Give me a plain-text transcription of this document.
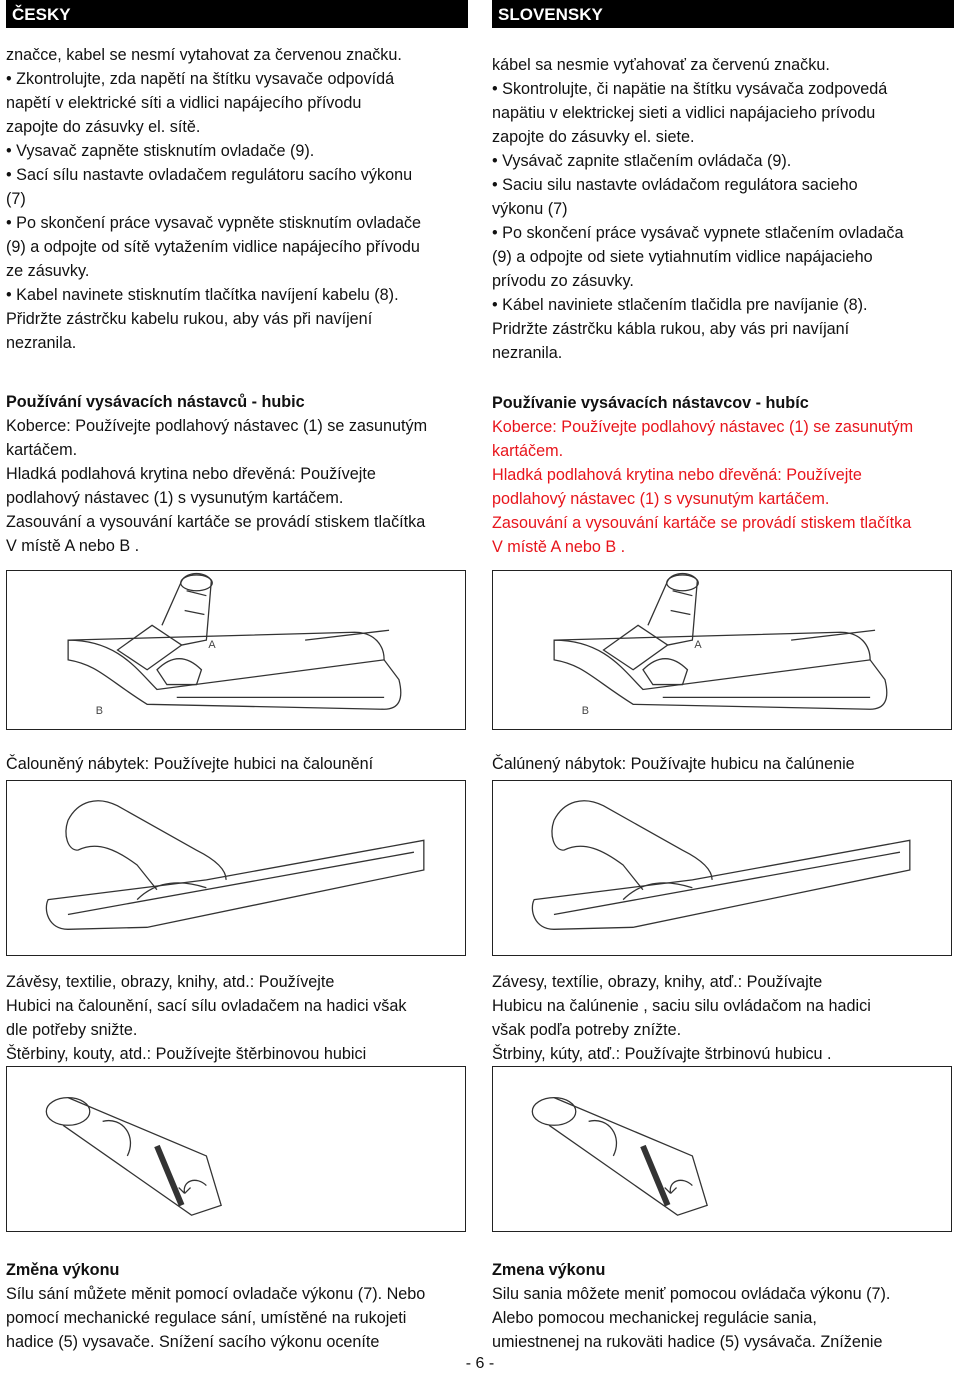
ČESKY

značce, kabel se nesmí vytahovat za červenou značku.

• Zkontrolujte, zda napětí na štítku vysavače odpovídá

napětí v elektrické síti a vidlici napájecího přívodu

zapojte do zásuvky el. sítě.

• Vysavač zapněte stisknutím ovladače (9).

• Sací sílu nastavte ovladačem regulátoru sacího výkonu

(7)

• Po skončení práce vysavač vypněte stisknutím ovladače

(9) a odpojte od sítě vytažením vidlice napájecího přívodu

ze zásuvky.

• Kabel navinete stisknutím tlačítka navíjení kabelu (8).

Přidržte zástrčku kabelu rukou, aby vás při navíjení

nezranila.

Používání vysávacích nástavců - hubic

Koberce: Používejte podlahový nástavec (1) se zasunutým

kartáčem.

Hladká podlahová krytina nebo dřevěná: Používejte

podlahový nástavec (1) s vysunutým kartáčem.

Zasouvání a vysouvání kartáče se provádí stiskem tlačítka

V místě A nebo B .

A
B

Čalouněný nábytek: Používejte hubici na čalounění

Závěsy, textilie, obrazy, knihy, atd.: Používejte

Hubici na čalounění, sací sílu ovladačem na hadici však

dle potřeby snižte.

Štěrbiny, kouty, atd.: Používejte štěrbinovou hubici

Změna výkonu

Sílu sání můžete měnit pomocí ovladače výkonu (7). Nebo

pomocí mechanické regulace sání, umístěné na rukojeti

hadice (5) vysavače. Snížení sacího výkonu oceníte

SLOVENSKY

kábel sa nesmie vyťahovať za červenú značku.

• Skontrolujte, či napätie na štítku vysávača zodpovedá

napätiu v elektrickej sieti a vidlici napájacieho prívodu

zapojte do zásuvky el. siete.

• Vysávač zapnite stlačením ovládača (9).

• Saciu silu nastavte ovládačom regulátora sacieho

výkonu (7)

• Po skončení práce vysávač vypnete stlačením ovladača

(9) a odpojte od siete vytiahnutím vidlice napájacieho

prívodu zo zásuvky.

• Kábel naviniete stlačením tlačidla pre navíjanie (8).

Pridržte zástrčku kábla rukou, aby vás pri navíjaní

nezranila.

Používanie vysávacích nástavcov - hubíc

Koberce: Používejte podlahový nástavec (1) se zasunutým

kartáčem.

Hladká podlahová krytina nebo dřevěná: Používejte

podlahový nástavec (1) s vysunutým kartáčem.

Zasouvání a vysouvání kartáče se provádí stiskem tlačítka

V místě A nebo B .

A
B

Čalúnený nábytok: Používajte hubicu na čalúnenie

Závesy, textílie, obrazy, knihy, atď.: Používajte

Hubicu na čalúnenie , saciu silu ovládačom na hadici

však podľa potreby znížte.

Štrbiny, kúty, atď.: Používajte štrbinovú hubicu .

Zmena výkonu

Silu sania môžete meniť pomocou ovládača výkonu (7).

Alebo pomocou mechanickej regulácie sania,

umiestnenej na rukoväti hadice (5) vysávača. Zníženie

- 6 -
